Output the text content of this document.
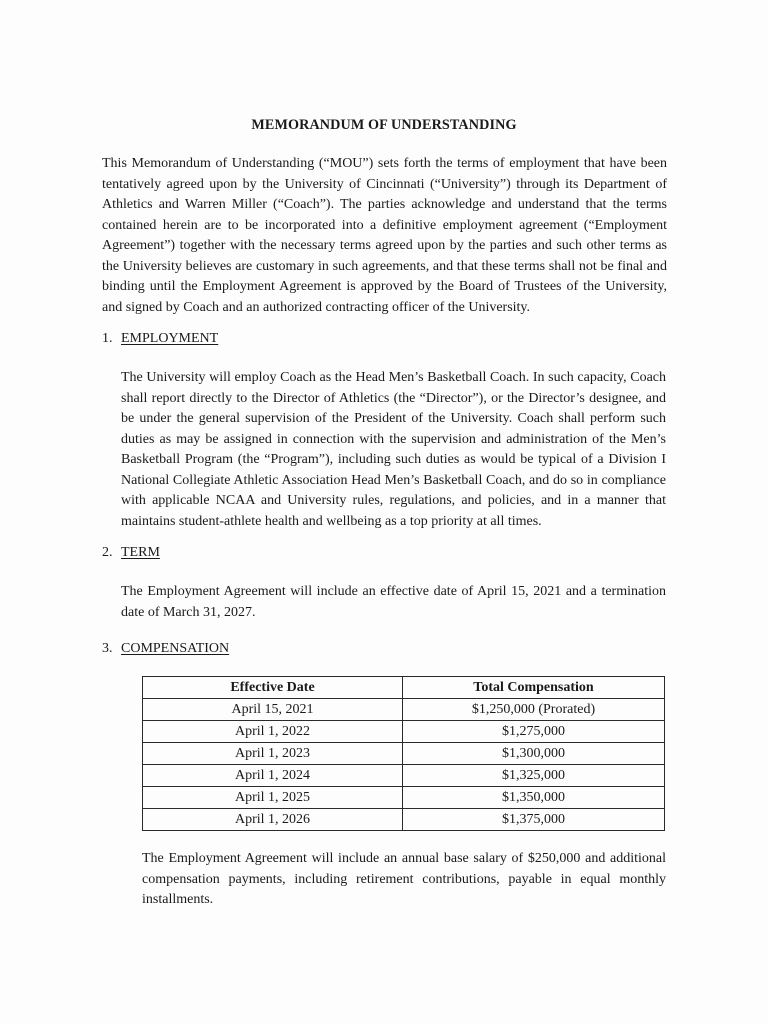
MEMORANDUM OF UNDERSTANDING

This Memorandum of Understanding (“MOU”) sets forth the terms of employment that have been tentatively agreed upon by the University of Cincinnati (“University”) through its Department of Athletics and Warren Miller (“Coach”). The parties acknowledge and understand that the terms contained herein are to be incorporated into a definitive employment agreement (“Employment Agreement”) together with the necessary terms agreed upon by the parties and such other terms as the University believes are customary in such agreements, and that these terms shall not be final and binding until the Employment Agreement is approved by the Board of Trustees of the University, and signed by Coach and an authorized contracting officer of the University.

1. EMPLOYMENT

The University will employ Coach as the Head Men’s Basketball Coach. In such capacity, Coach shall report directly to the Director of Athletics (the “Director”), or the Director’s designee, and be under the general supervision of the President of the University. Coach shall perform such duties as may be assigned in connection with the supervision and administration of the Men’s Basketball Program (the “Program”), including such duties as would be typical of a Division I National Collegiate Athletic Association Head Men’s Basketball Coach, and do so in compliance with applicable NCAA and University rules, regulations, and policies, and in a manner that maintains student-athlete health and wellbeing as a top priority at all times.

2. TERM

The Employment Agreement will include an effective date of April 15, 2021 and a termination date of March 31, 2027.

3. COMPENSATION

Effective Date	Total Compensation
April 15, 2021	$1,250,000 (Prorated)
April 1, 2022	$1,275,000
April 1, 2023	$1,300,000
April 1, 2024	$1,325,000
April 1, 2025	$1,350,000
April 1, 2026	$1,375,000

The Employment Agreement will include an annual base salary of $250,000 and additional compensation payments, including retirement contributions, payable in equal monthly installments.
